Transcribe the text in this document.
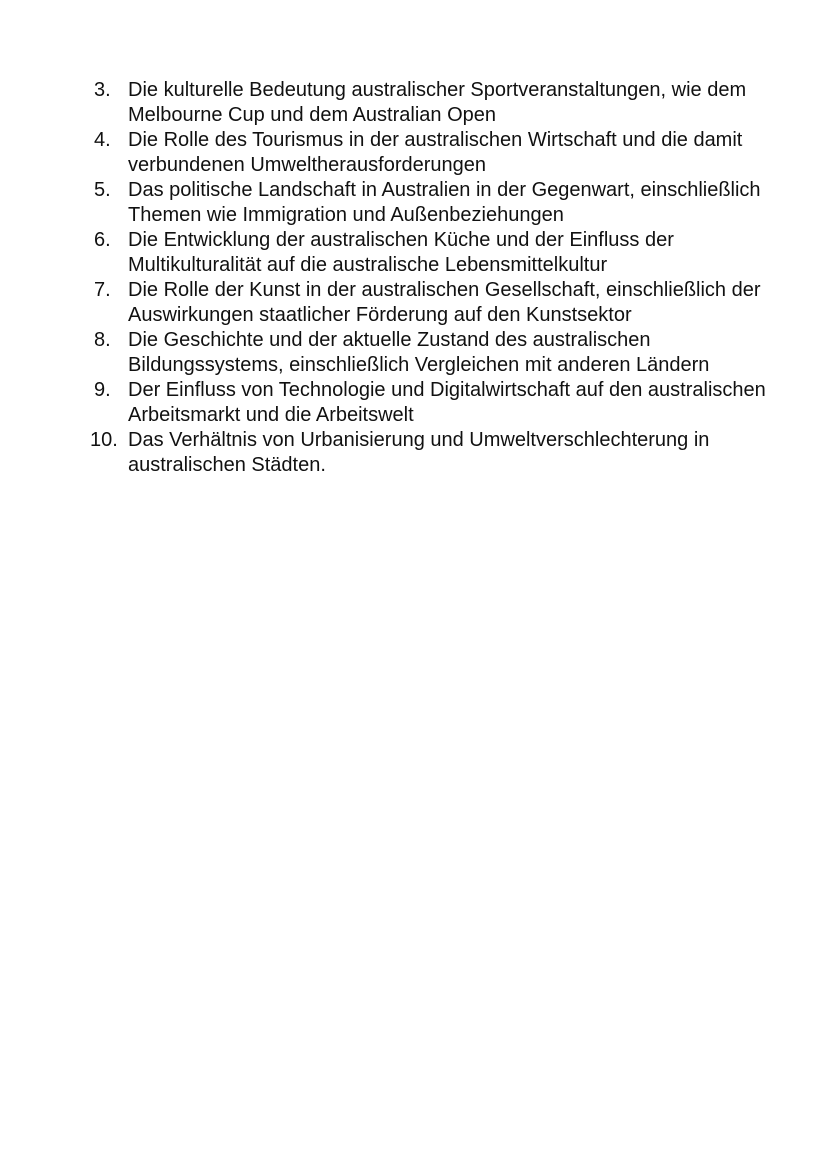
3. Die kulturelle Bedeutung australischer Sportveranstaltungen, wie dem Melbourne Cup und dem Australian Open
4. Die Rolle des Tourismus in der australischen Wirtschaft und die damit verbundenen Umweltherausforderungen
5. Das politische Landschaft in Australien in der Gegenwart, einschließlich Themen wie Immigration und Außenbeziehungen
6. Die Entwicklung der australischen Küche und der Einfluss der Multikulturalität auf die australische Lebensmittelkultur
7. Die Rolle der Kunst in der australischen Gesellschaft, einschließlich der Auswirkungen staatlicher Förderung auf den Kunstsektor
8. Die Geschichte und der aktuelle Zustand des australischen Bildungssystems, einschließlich Vergleichen mit anderen Ländern
9. Der Einfluss von Technologie und Digitalwirtschaft auf den australischen Arbeitsmarkt und die Arbeitswelt
10. Das Verhältnis von Urbanisierung und Umweltverschlechterung in australischen Städten.
